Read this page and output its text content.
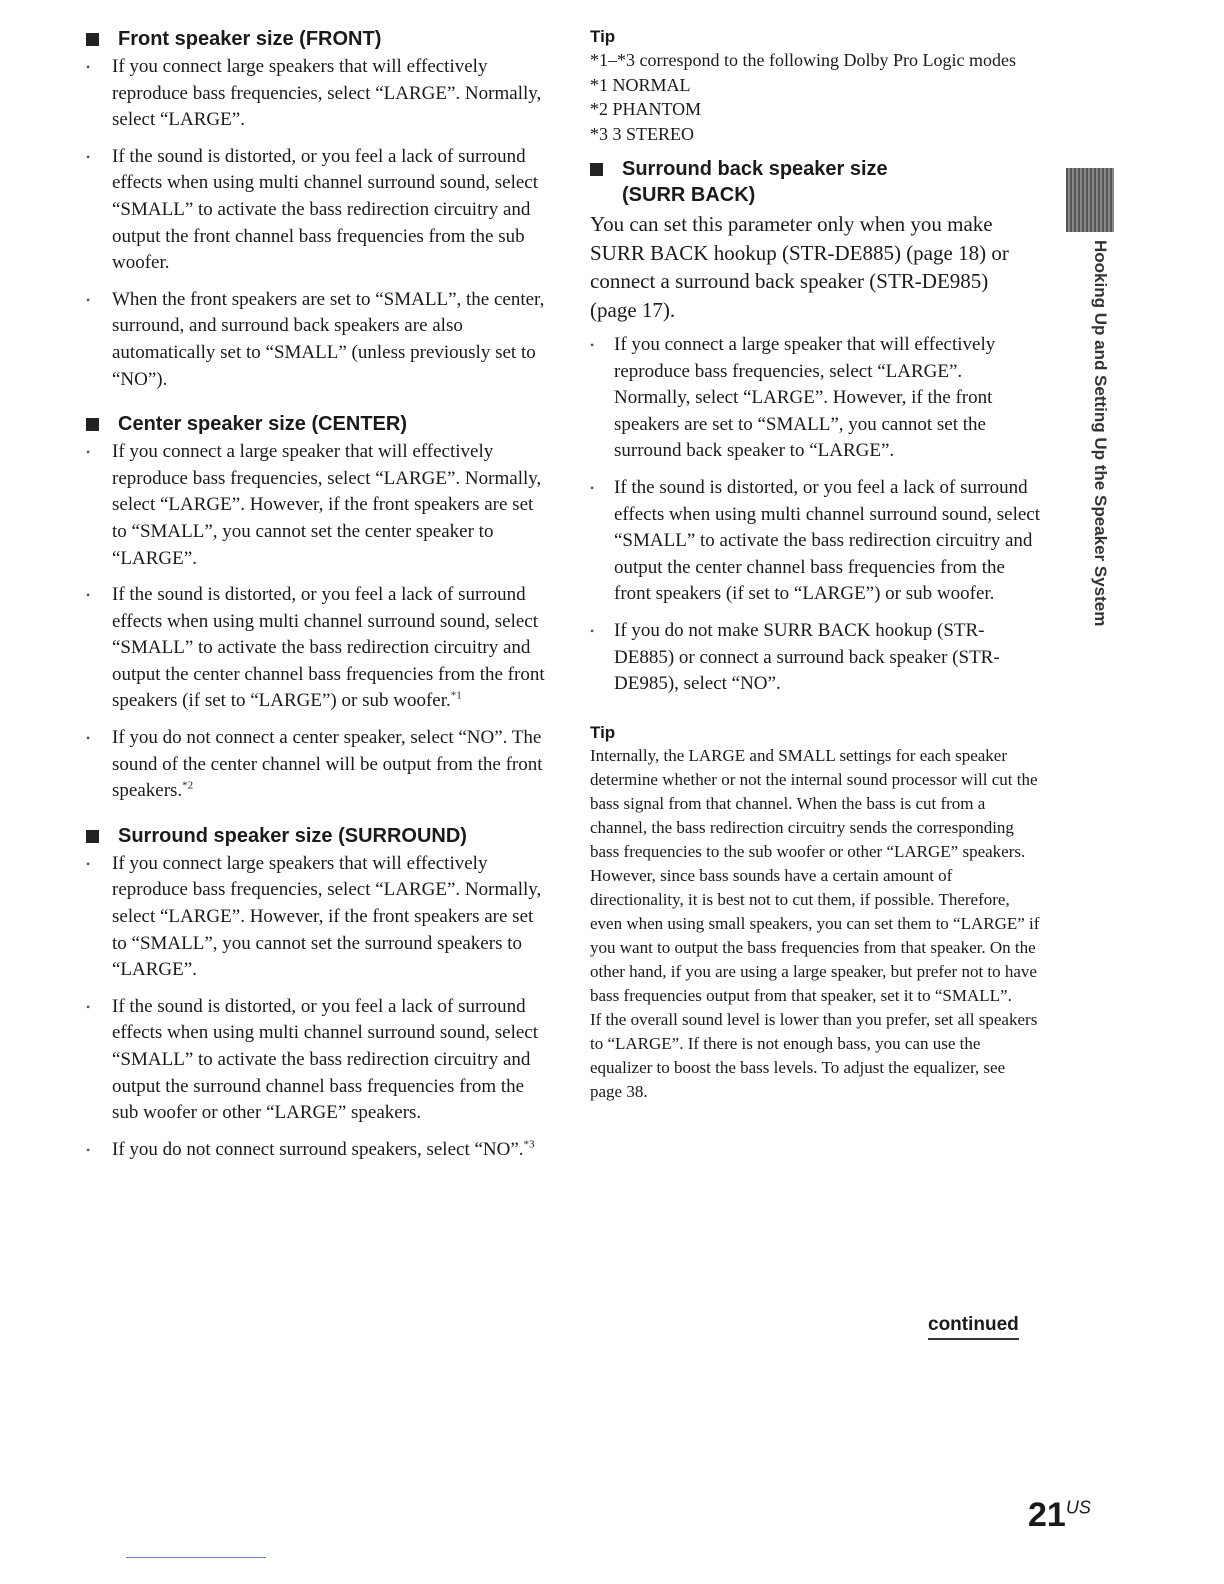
Front speaker size (FRONT)
• If you connect large speakers that will effectively reproduce bass frequencies, select “LARGE”. Normally, select “LARGE”.
• If the sound is distorted, or you feel a lack of surround effects when using multi channel surround sound, select “SMALL” to activate the bass redirection circuitry and output the front channel bass frequencies from the sub woofer.
• When the front speakers are set to “SMALL”, the center, surround, and surround back speakers are also automatically set to “SMALL” (unless previously set to “NO”).
Center speaker size (CENTER)
• If you connect a large speaker that will effectively reproduce bass frequencies, select “LARGE”. Normally, select “LARGE”. However, if the front speakers are set to “SMALL”, you cannot set the center speaker to “LARGE”.
• If the sound is distorted, or you feel a lack of surround effects when using multi channel surround sound, select “SMALL” to activate the bass redirection circuitry and output the center channel bass frequencies from the front speakers (if set to “LARGE”) or sub woofer.$^{*1}$
• If you do not connect a center speaker, select “NO”. The sound of the center channel will be output from the front speakers.$^{*2}$
Surround speaker size (SURROUND)
• If you connect large speakers that will effectively reproduce bass frequencies, select “LARGE”. Normally, select “LARGE”. However, if the front speakers are set to “SMALL”, you cannot set the surround speakers to “LARGE”.
• If the sound is distorted, or you feel a lack of surround effects when using multi channel surround sound, select “SMALL” to activate the bass redirection circuitry and output the surround channel bass frequencies from the sub woofer or other “LARGE” speakers.
• If you do not connect surround speakers, select “NO”.$^{*3}$
Tip
*1–*3 correspond to the following Dolby Pro Logic modes
*1 NORMAL
*2 PHANTOM
*3 3 STEREO
Surround back speaker size
(SURR BACK)

You can set this parameter only when you make SURR BACK hookup (STR-DE885) (page 18) or connect a surround back speaker (STR-DE985) (page 17).

• If you connect a large speaker that will effectively reproduce bass frequencies, select “LARGE”. Normally, select “LARGE”. However, if the front speakers are set to “SMALL”, you cannot set the surround back speaker to “LARGE”.
• If the sound is distorted, or you feel a lack of surround effects when using multi channel surround sound, select “SMALL” to activate the bass redirection circuitry and output the center channel bass frequencies from the front speakers (if set to “LARGE”) or sub woofer.
• If you do not make SURR BACK hookup (STR-DE885) or connect a surround back speaker (STR-DE985), select “NO”.
Tip

Internally, the LARGE and SMALL settings for each speaker determine whether or not the internal sound processor will cut the bass signal from that channel. When the bass is cut from a channel, the bass redirection circuitry sends the corresponding bass frequencies to the sub woofer or other “LARGE” speakers.

However, since bass sounds have a certain amount of directionality, it is best not to cut them, if possible. Therefore, even when using small speakers, you can set them to “LARGE” if you want to output the bass frequencies from that speaker. On the other hand, if you are using a large speaker, but prefer not to have bass frequencies output from that speaker, set it to “SMALL”.

If the overall sound level is lower than you prefer, set all speakers to “LARGE”. If there is not enough bass, you can use the equalizer to boost the bass levels. To adjust the equalizer, see page 38.

continued
Hooking Up and Setting Up the Speaker System
$21^{US}$
